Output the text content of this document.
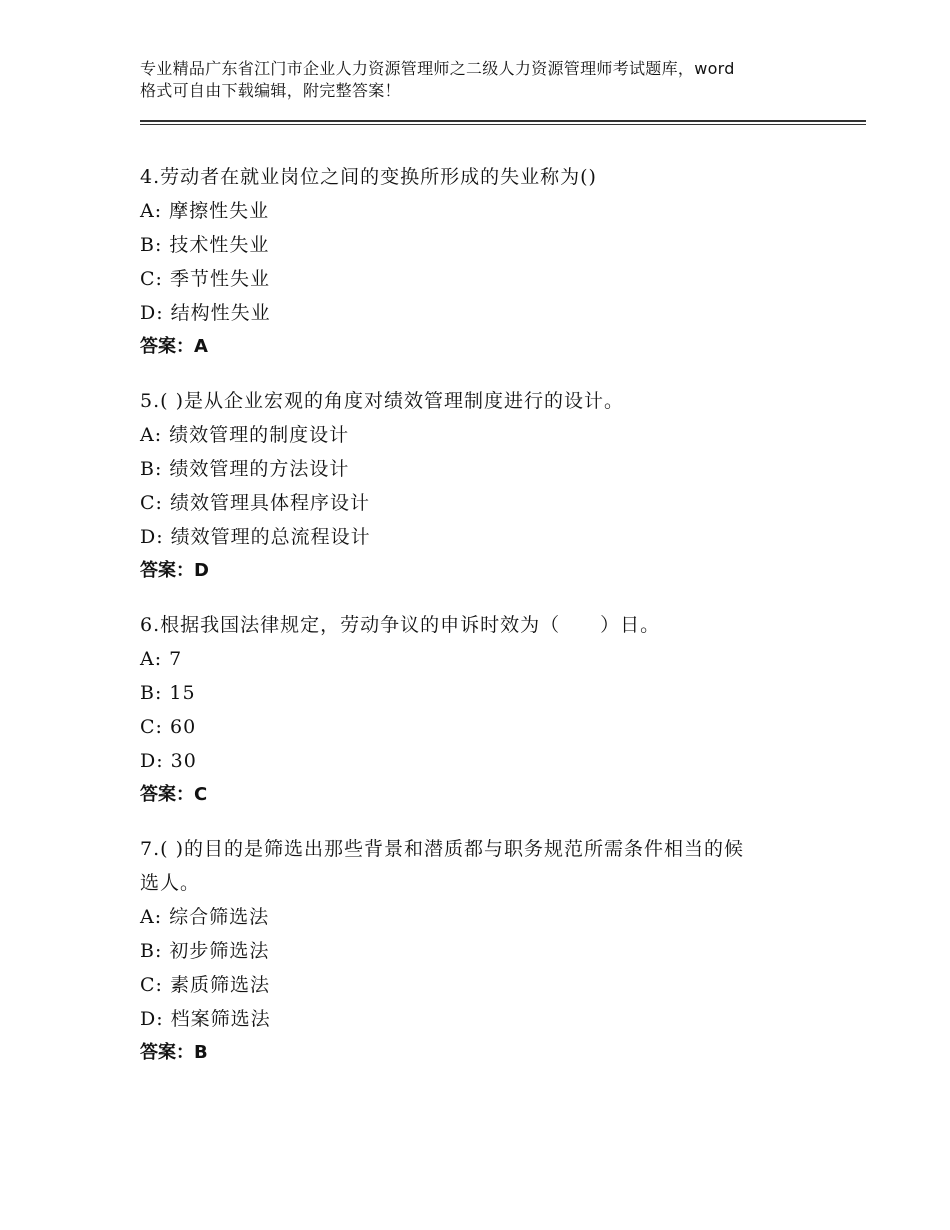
专业精品广东省江门市企业人力资源管理师之二级人力资源管理师考试题库，word
格式可自由下载编辑，附完整答案！
4.劳动者在就业岗位之间的变换所形成的失业称为()
A: 摩擦性失业
B: 技术性失业
C: 季节性失业
D: 结构性失业
答案：A
5.( )是从企业宏观的角度对绩效管理制度进行的设计。
A: 绩效管理的制度设计
B: 绩效管理的方法设计
C: 绩效管理具体程序设计
D: 绩效管理的总流程设计
答案：D
6.根据我国法律规定，劳动争议的申诉时效为（　　）日。
A: 7
B: 15
C: 60
D: 30
答案：C
7.( )的目的是筛选出那些背景和潜质都与职务规范所需条件相当的候
选人。
A: 综合筛选法
B: 初步筛选法
C: 素质筛选法
D: 档案筛选法
答案：B
